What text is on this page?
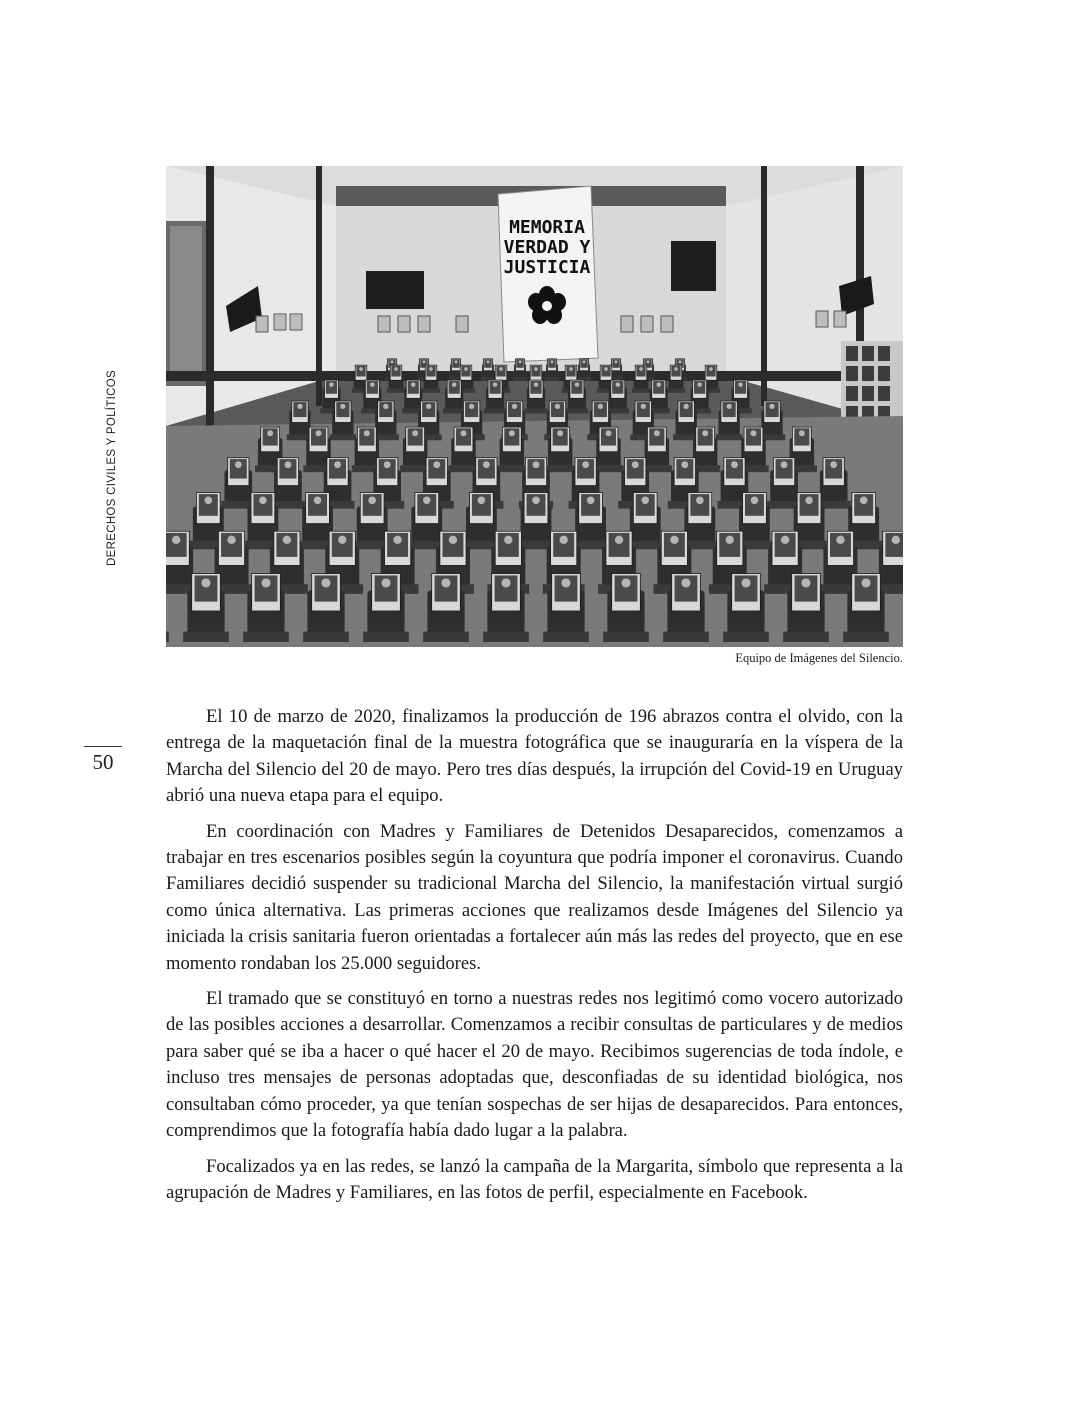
DERECHOS CIVILES Y POLÍTICOS
50
MEMORIA
VERDAD Y
JUSTICIA
Equipo de Imágenes del Silencio.

El 10 de marzo de 2020, finalizamos la producción de 196 abrazos contra el olvido, con la entrega de la maquetación final de la muestra fotográfica que se inauguraría en la víspera de la Marcha del Silencio del 20 de mayo. Pero tres días después, la irrupción del Covid-19 en Uruguay abrió una nueva etapa para el equipo.

En coordinación con Madres y Familiares de Detenidos Desaparecidos, comenzamos a trabajar en tres escenarios posibles según la coyuntura que podría imponer el coronavirus. Cuando Familiares decidió suspender su tradicional Marcha del Silencio, la manifestación virtual surgió como única alternativa. Las primeras acciones que realizamos desde Imágenes del Silencio ya iniciada la crisis sanitaria fueron orientadas a fortalecer aún más las redes del proyecto, que en ese momento rondaban los 25.000 seguidores.

El tramado que se constituyó en torno a nuestras redes nos legitimó como vocero autorizado de las posibles acciones a desarrollar. Comenzamos a recibir consultas de particulares y de medios para saber qué se iba a hacer o qué hacer el 20 de mayo. Recibimos sugerencias de toda índole, e incluso tres mensajes de personas adoptadas que, desconfiadas de su identidad biológica, nos consultaban cómo proceder, ya que tenían sospechas de ser hijas de desaparecidos. Para entonces, comprendimos que la fotografía había dado lugar a la palabra.

Focalizados ya en las redes, se lanzó la campaña de la Margarita, símbolo que representa a la agrupación de Madres y Familiares, en las fotos de perfil, especialmente en Facebook.
